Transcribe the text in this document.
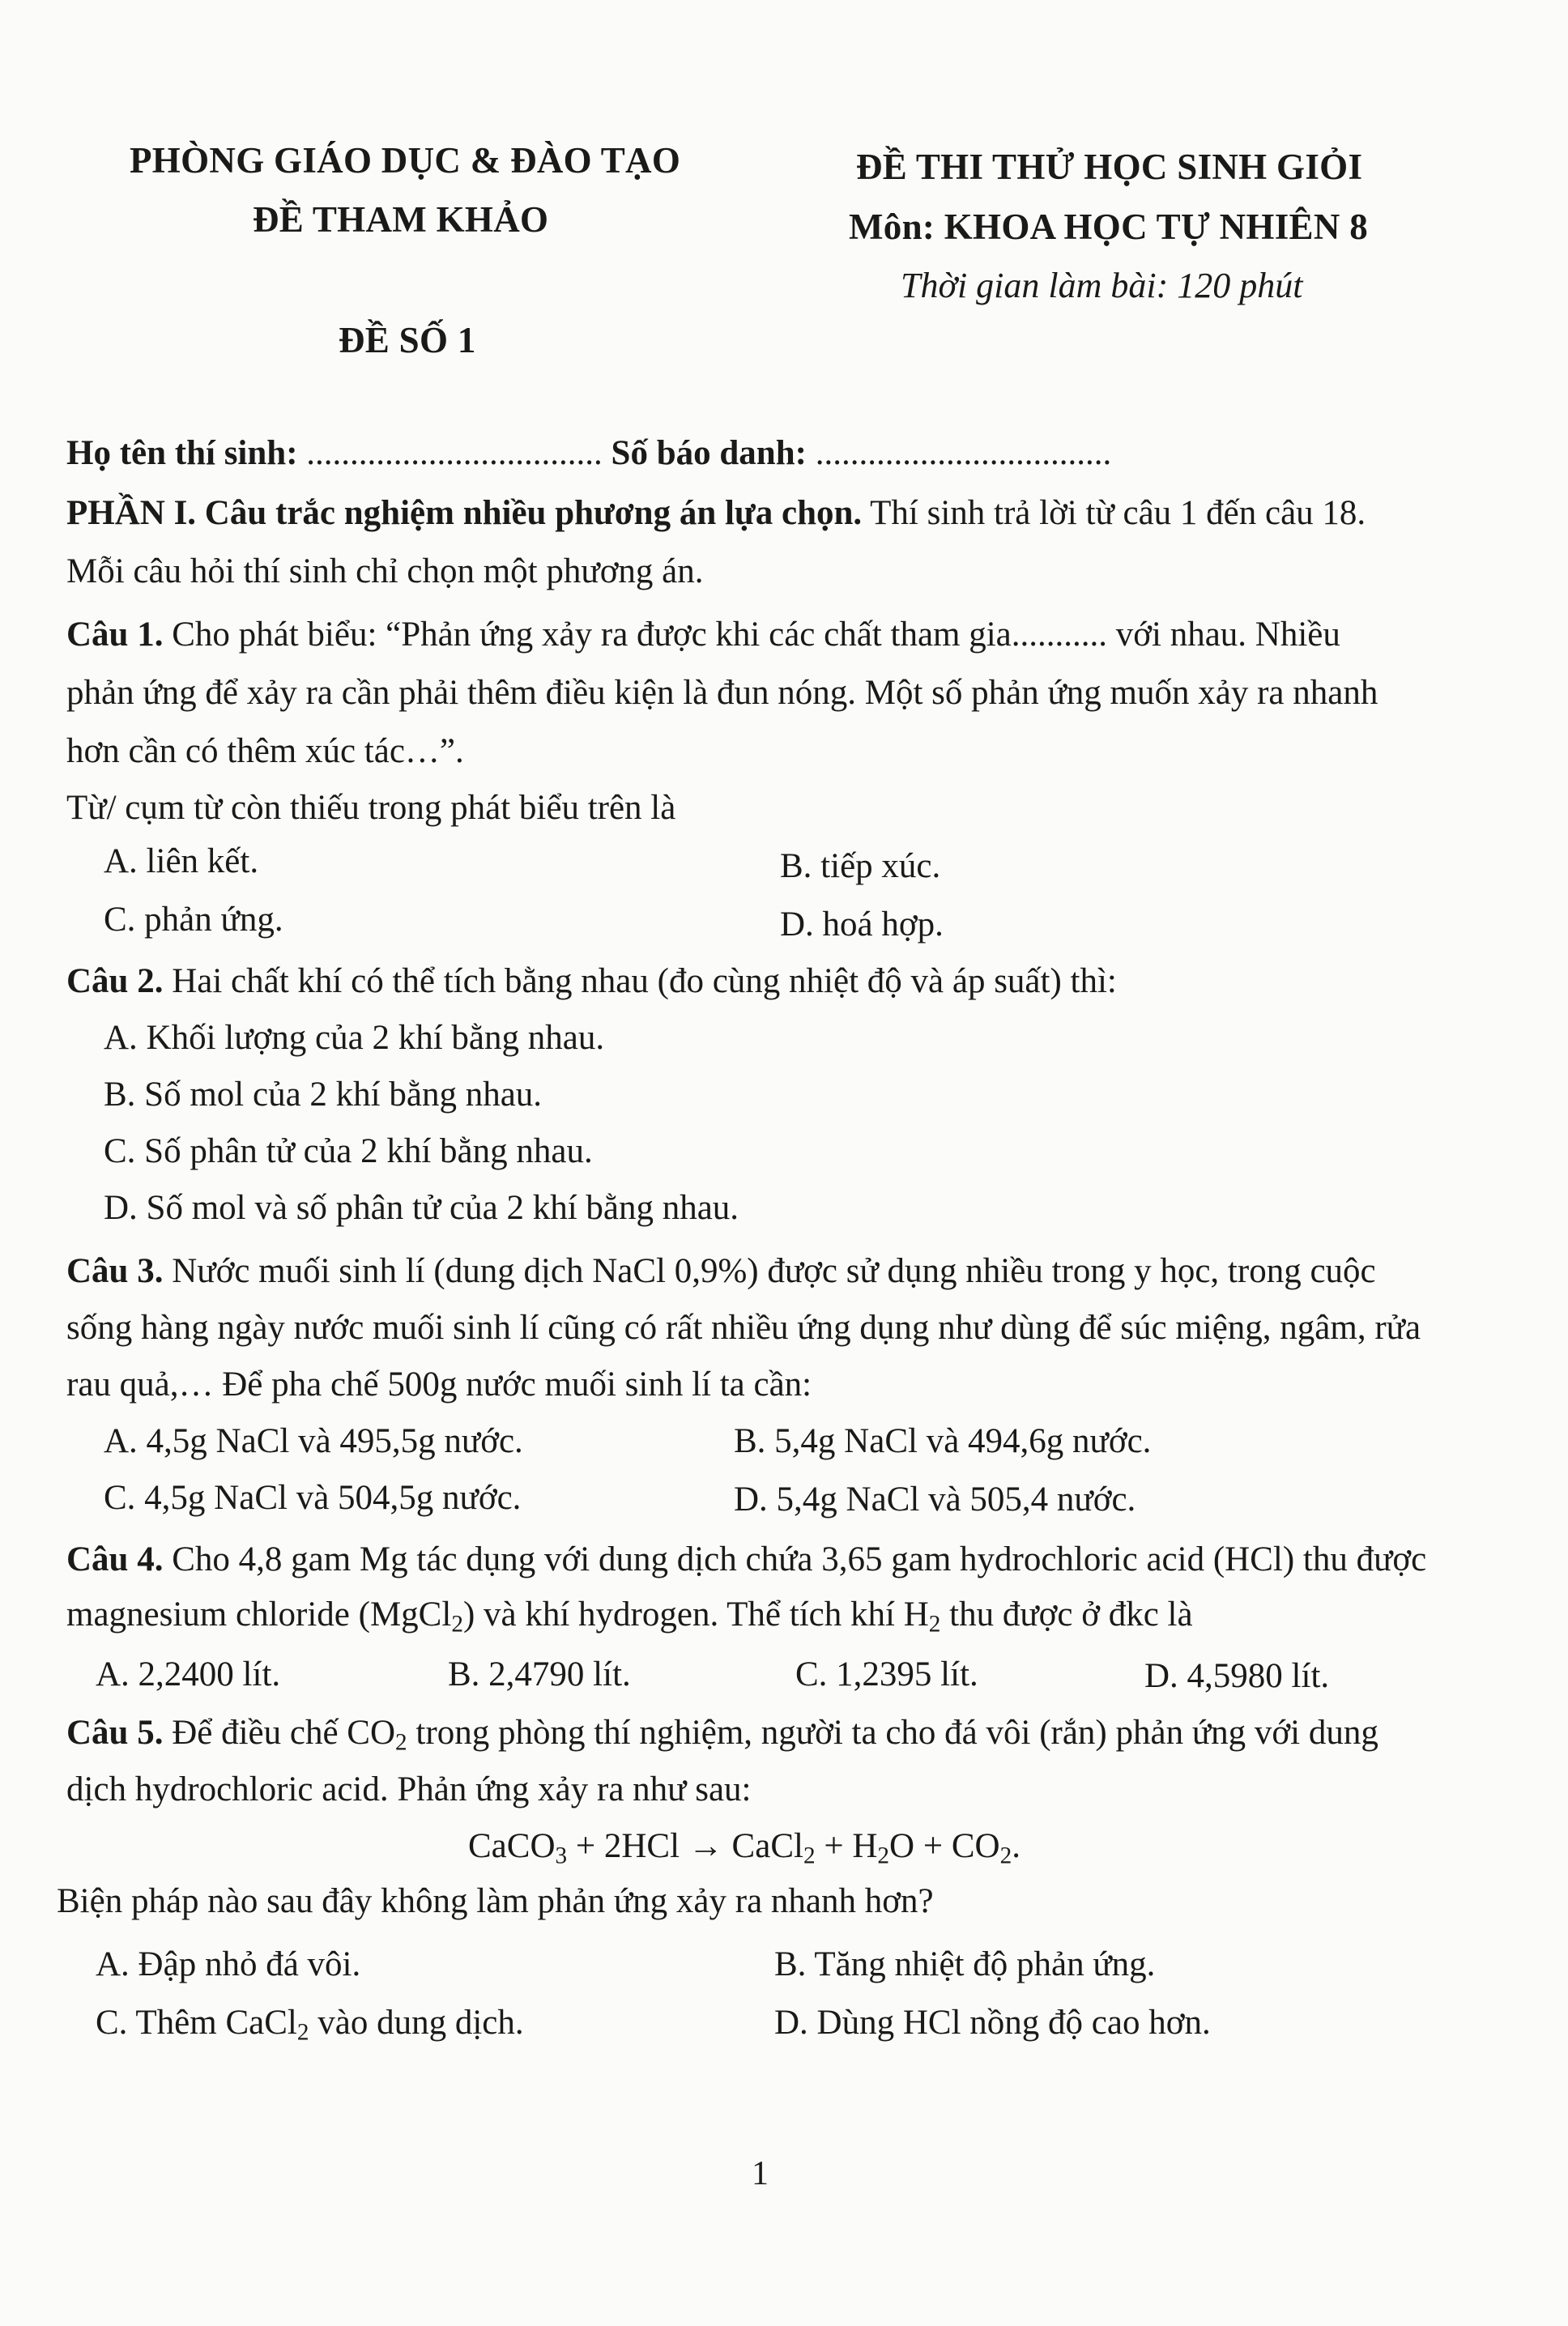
PHÒNG GIÁO DỤC & ĐÀO TẠO
ĐỀ THAM KHẢO
ĐỀ SỐ 1
ĐỀ THI THỬ HỌC SINH GIỎI
Môn: KHOA HỌC TỰ NHIÊN 8
Thời gian làm bài: 120 phút
Họ tên thí sinh: .................................. Số báo danh: ..................................
PHẦN I. Câu trắc nghiệm nhiều phương án lựa chọn. Thí sinh trả lời từ câu 1 đến câu 18.
Mỗi câu hỏi thí sinh chỉ chọn một phương án.
Câu 1. Cho phát biểu: “Phản ứng xảy ra được khi các chất tham gia........... với nhau. Nhiều
phản ứng để xảy ra cần phải thêm điều kiện là đun nóng. Một số phản ứng muốn xảy ra nhanh
hơn cần có thêm xúc tác…”.
Từ/ cụm từ còn thiếu trong phát biểu trên là
A. liên kết.	B. tiếp xúc.
C. phản ứng.	D. hoá hợp.
Câu 2. Hai chất khí có thể tích bằng nhau (đo cùng nhiệt độ và áp suất) thì:
A. Khối lượng của 2 khí bằng nhau.
B. Số mol của 2 khí bằng nhau.
C. Số phân tử của 2 khí bằng nhau.
D. Số mol và số phân tử của 2 khí bằng nhau.
Câu 3. Nước muối sinh lí (dung dịch NaCl 0,9%) được sử dụng nhiều trong y học, trong cuộc
sống hàng ngày nước muối sinh lí cũng có rất nhiều ứng dụng như dùng để súc miệng, ngâm, rửa
rau quả,… Để pha chế 500g nước muối sinh lí ta cần:
A. 4,5g NaCl và 495,5g nước.	B. 5,4g NaCl và 494,6g nước.
C. 4,5g NaCl và 504,5g nước.	D. 5,4g NaCl và 505,4 nước.
Câu 4. Cho 4,8 gam Mg tác dụng với dung dịch chứa 3,65 gam hydrochloric acid (HCl) thu được
magnesium chloride (MgCl$_2$) và khí hydrogen. Thể tích khí $H_2$ thu được ở đkc là
A. 2,2400 lít.	B. 2,4790 lít.	C. 1,2395 lít.	D. 4,5980 lít.
Câu 5. Để điều chế $CO_2$ trong phòng thí nghiệm, người ta cho đá vôi (rắn) phản ứng với dung
dịch hydrochloric acid. Phản ứng xảy ra như sau:
CaCO$_3$ + 2HCl → CaCl$_2$ + $H_2O + CO_2$.
Biện pháp nào sau đây không làm phản ứng xảy ra nhanh hơn?
A. Đập nhỏ đá vôi.	B. Tăng nhiệt độ phản ứng.
C. Thêm CaCl$_2$ vào dung dịch.	D. Dùng HCl nồng độ cao hơn.
1
